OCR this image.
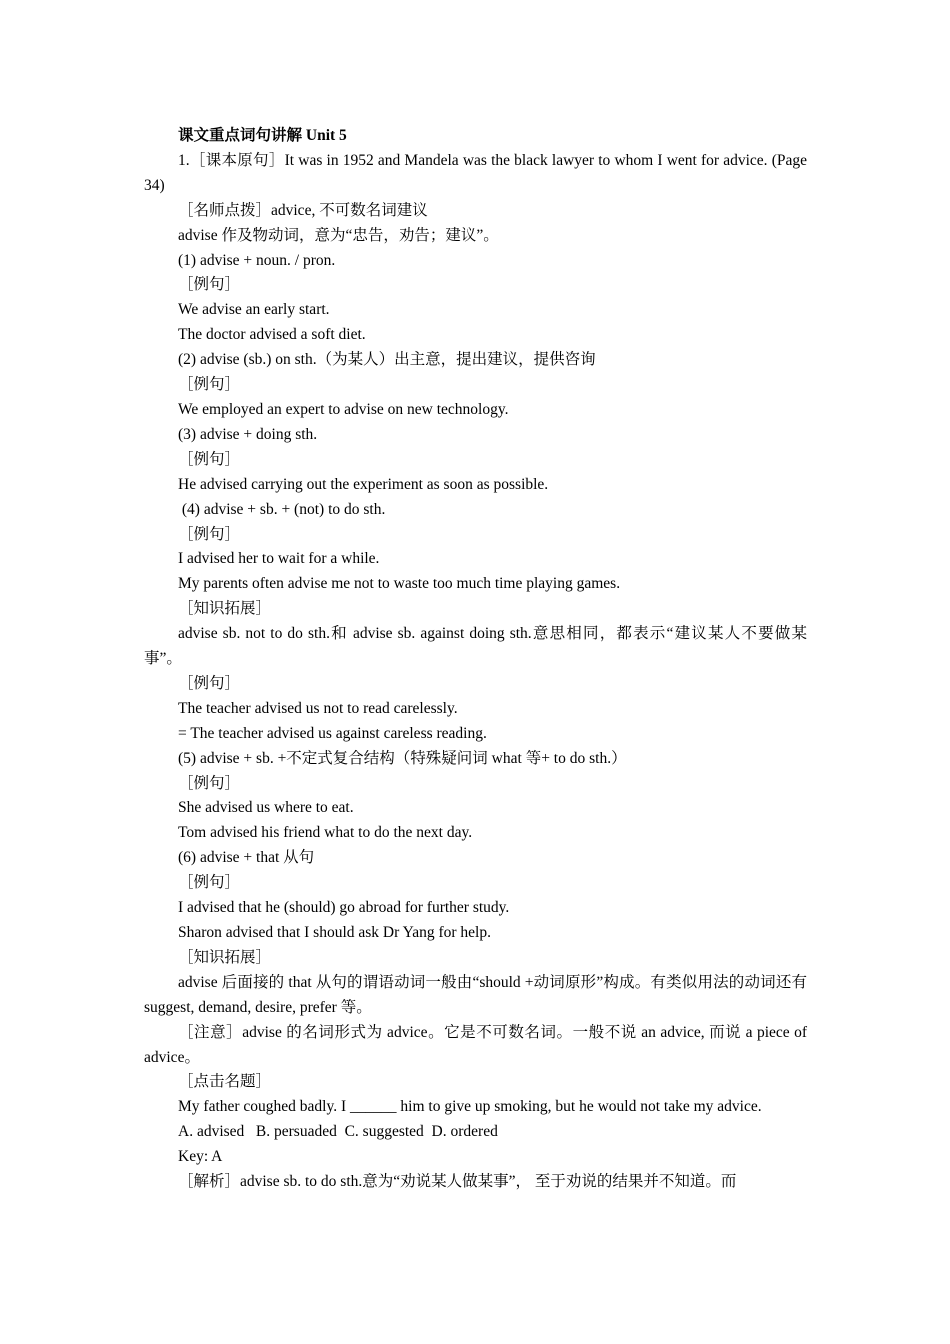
课文重点词句讲解 Unit 5
1.［课本原句］It was in 1952 and Mandela was the black lawyer to whom I went for advice. (Page 34)
［名师点拨］advice, 不可数名词建议
advise 作及物动词，意为“忠告，劝告；建议”。
(1) advise + noun. / pron.
［例句］
We advise an early start.
The doctor advised a soft diet.
(2) advise (sb.) on sth.（为某人）出主意，提出建议，提供咨询
［例句］
We employed an expert to advise on new technology.
(3) advise + doing sth.
［例句］
He advised carrying out the experiment as soon as possible.
(4) advise + sb. + (not) to do sth.
［例句］
I advised her to wait for a while.
My parents often advise me not to waste too much time playing games.
［知识拓展］
advise sb. not to do sth.和 advise sb. against doing sth.意思相同，都表示“建议某人不要做某事”。
［例句］
The teacher advised us not to read carelessly.
= The teacher advised us against careless reading.
(5) advise + sb. +不定式复合结构（特殊疑问词 what 等+ to do sth.）
［例句］
She advised us where to eat.
Tom advised his friend what to do the next day.
(6) advise + that 从句
［例句］
I advised that he (should) go abroad for further study.
Sharon advised that I should ask Dr Yang for help.
［知识拓展］
advise 后面接的 that 从句的谓语动词一般由“should +动词原形”构成。有类似用法的动词还有 suggest, demand, desire, prefer 等。
［注意］advise 的名词形式为 advice。它是不可数名词。一般不说 an advice, 而说 a piece of advice。
［点击名题］
My father coughed badly. I ______ him to give up smoking, but he would not take my advice.
A. advised   B. persuaded  C. suggested  D. ordered
Key: A
［解析］advise sb. to do sth.意为“劝说某人做某事”， 至于劝说的结果并不知道。而
